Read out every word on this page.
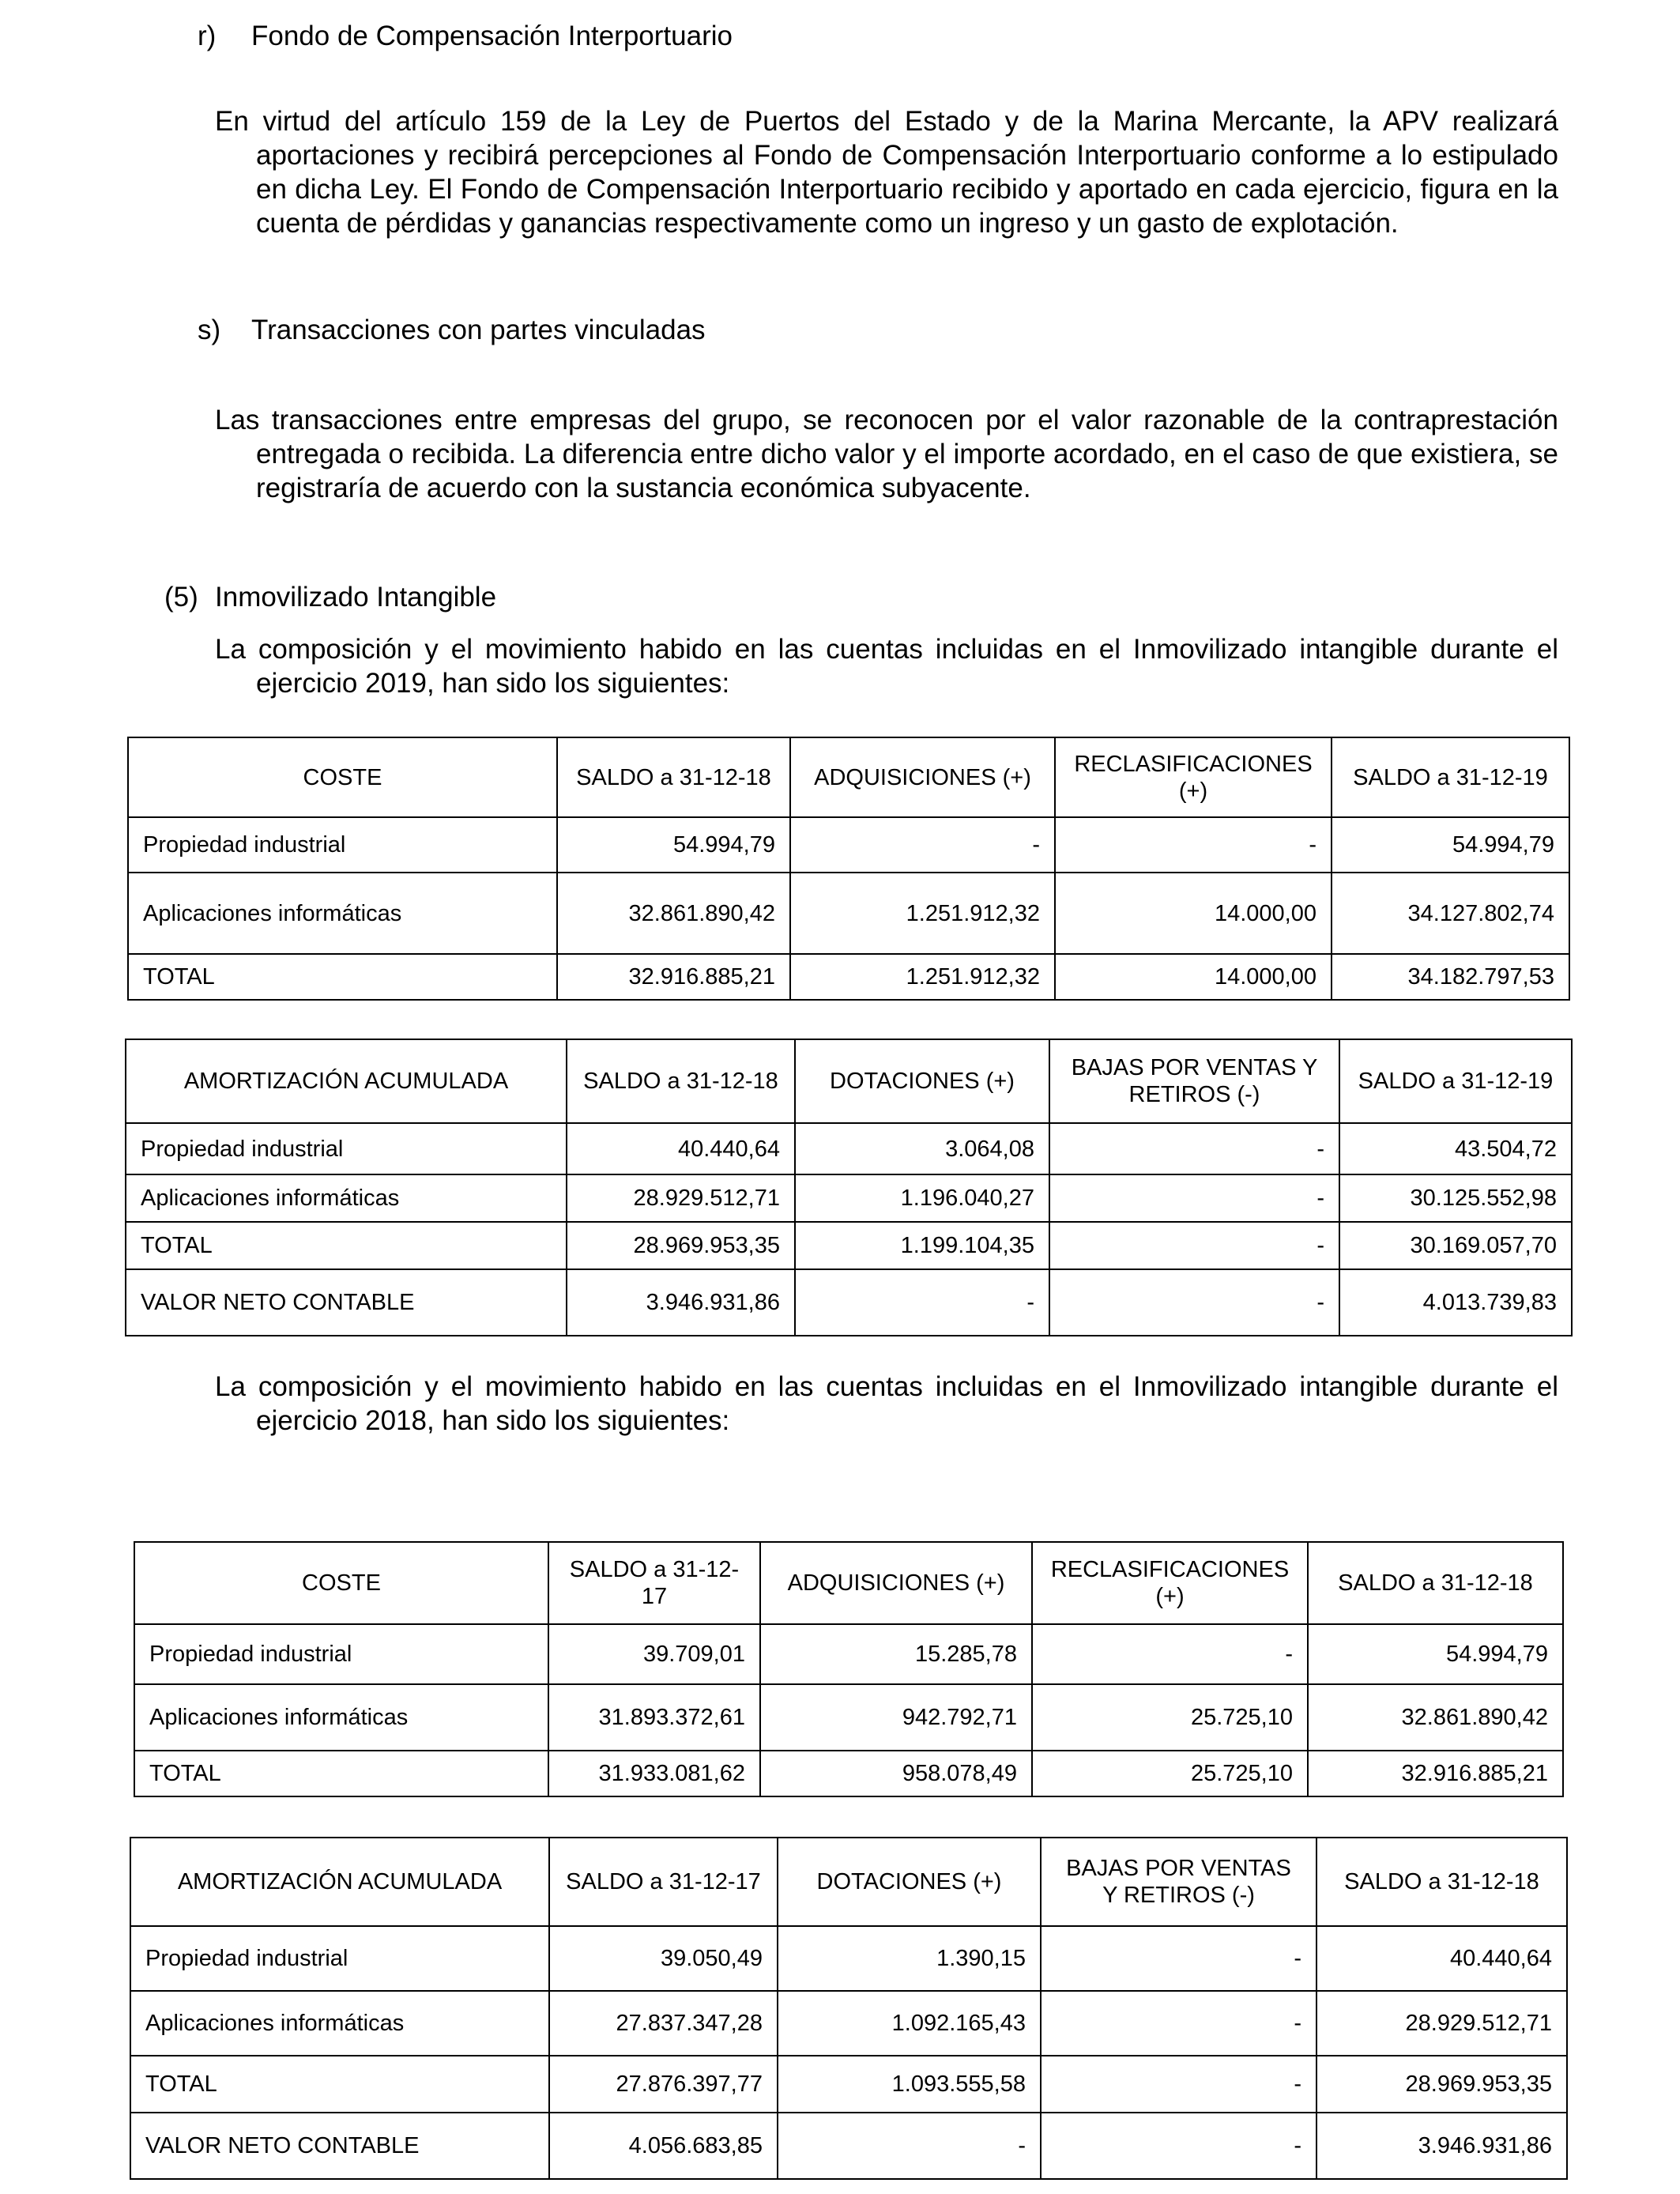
r) Fondo de Compensación Interportuario

En virtud del artículo 159 de la Ley de Puertos del Estado y de la Marina Mercante, la APV realizará aportaciones y recibirá percepciones al Fondo de Compensación Interportuario conforme a lo estipulado en dicha Ley. El Fondo de Compensación Interportuario recibido y aportado en cada ejercicio, figura en la cuenta de pérdidas y ganancias respectivamente como un ingreso y un gasto de explotación.

s) Transacciones con partes vinculadas

Las transacciones entre empresas del grupo, se reconocen por el valor razonable de la contraprestación entregada o recibida. La diferencia entre dicho valor y el importe acordado, en el caso de que existiera, se registraría de acuerdo con la sustancia económica subyacente.

(5) Inmovilizado Intangible

La composición y el movimiento habido en las cuentas incluidas en el Inmovilizado intangible durante el ejercicio 2019, han sido los siguientes:

COSTE	SALDO a 31-12-18	ADQUISICIONES (+)	RECLASIFICACIONES (+)	SALDO a 31-12-19
Propiedad industrial	54.994,79	-	-	54.994,79
Aplicaciones informáticas	32.861.890,42	1.251.912,32	14.000,00	34.127.802,74
TOTAL	32.916.885,21	1.251.912,32	14.000,00	34.182.797,53
AMORTIZACIÓN ACUMULADA	SALDO a 31-12-18	DOTACIONES (+)	BAJAS POR VENTAS Y RETIROS (-)	SALDO a 31-12-19
Propiedad industrial	40.440,64	3.064,08	-	43.504,72
Aplicaciones informáticas	28.929.512,71	1.196.040,27	-	30.125.552,98
TOTAL	28.969.953,35	1.199.104,35	-	30.169.057,70
VALOR NETO CONTABLE	3.946.931,86	-	-	4.013.739,83

La composición y el movimiento habido en las cuentas incluidas en el Inmovilizado intangible durante el ejercicio 2018, han sido los siguientes:

COSTE	SALDO a 31-12-17	ADQUISICIONES (+)	RECLASIFICACIONES (+)	SALDO a 31-12-18
Propiedad industrial	39.709,01	15.285,78	-	54.994,79
Aplicaciones informáticas	31.893.372,61	942.792,71	25.725,10	32.861.890,42
TOTAL	31.933.081,62	958.078,49	25.725,10	32.916.885,21
AMORTIZACIÓN ACUMULADA	SALDO a 31-12-17	DOTACIONES (+)	BAJAS POR VENTAS Y RETIROS (-)	SALDO a 31-12-18
Propiedad industrial	39.050,49	1.390,15	-	40.440,64
Aplicaciones informáticas	27.837.347,28	1.092.165,43	-	28.929.512,71
TOTAL	27.876.397,77	1.093.555,58	-	28.969.953,35
VALOR NETO CONTABLE	4.056.683,85	-	-	3.946.931,86
